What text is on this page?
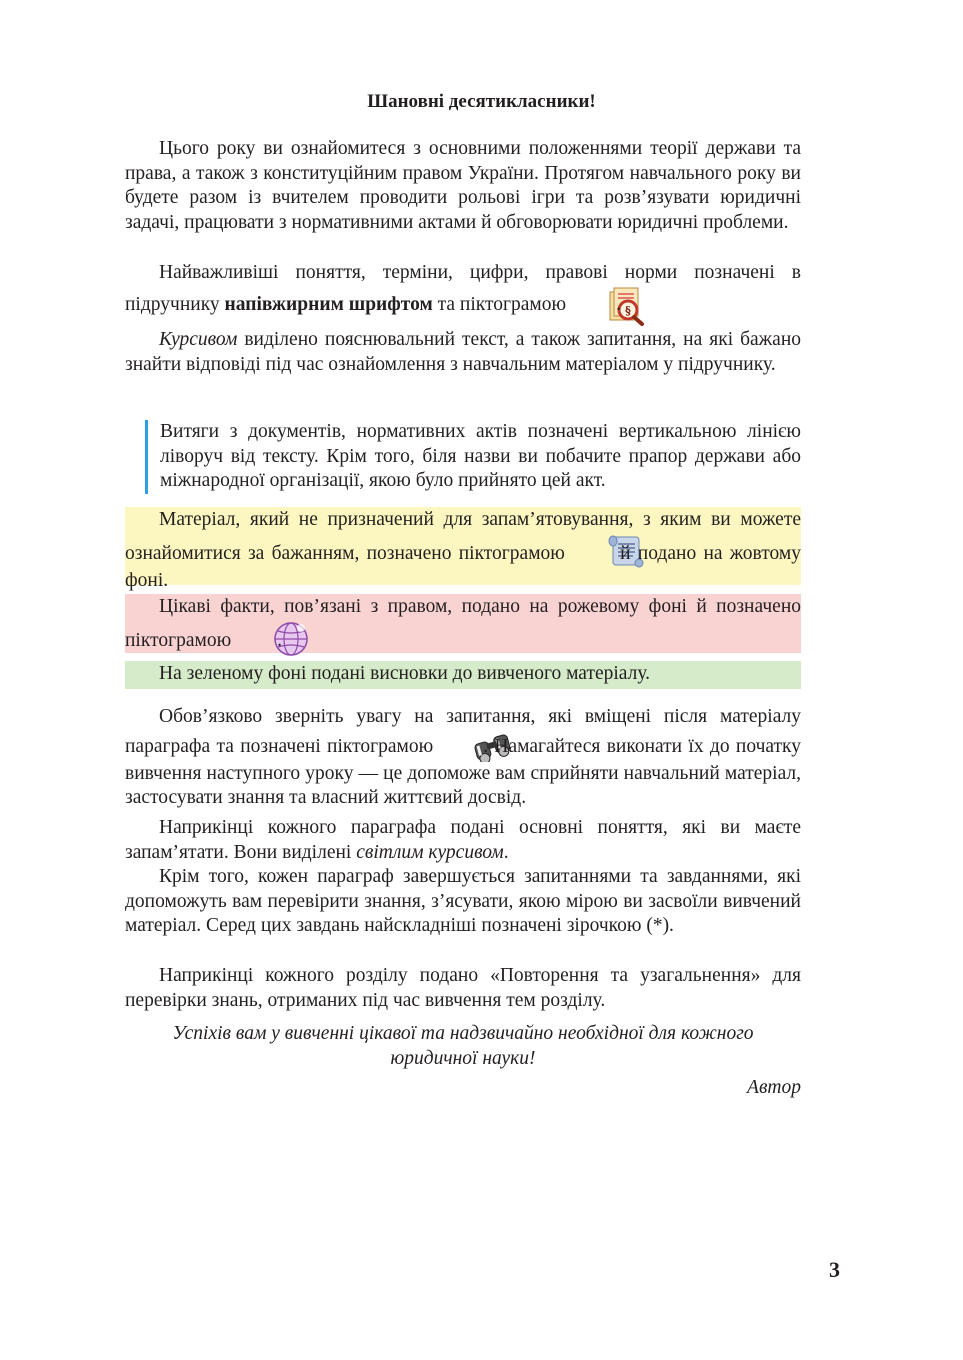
Шановні десятикласники!

Цього року ви ознайомитеся з основними положеннями теорії держави та права, а також з конституційним правом України. Протягом навчального року ви будете разом із вчителем проводити рольові ігри та розв’язувати юридичні задачі, працювати з нормативними актами й обговорювати юридичні проблеми.

Найважливіші поняття, терміни, цифри, правові норми позначені в підручнику напівжирним шрифтом та піктограмою	§
.

Курсивом виділено пояснювальний текст, а також запитання, на які бажано знайти відповіді під час ознайомлення з навчальним матеріалом у підручнику.

Витяги з документів, нормативних актів позначені вертикальною лінією ліворуч від тексту. Крім того, біля назви ви побачите прапор держави або міжнародної організації, якою було прийнято цей акт.

Матеріал, який не призначений для запам’ятовування, з яким ви можете ознайомитися за бажанням, позначено піктограмою й подано на жовтому фоні.

Цікаві факти, пов’язані з правом, подано на рожевому фоні й позначено піктограмою .

На зеленому фоні подані висновки до вивченого матеріалу.

Обов’язково зверніть увагу на запитання, які вміщені після матеріалу параграфа та позначені піктограмою	. Намагайтеся виконати їх до початку вивчення наступного уроку — це допоможе вам сприйняти навчальний матеріал, застосувати знання та власний життєвий досвід.

Наприкінці кожного параграфа подані основні поняття, які ви маєте запам’ятати. Вони виділені світлим курсивом.

Крім того, кожен параграф завершується запитаннями та завданнями, які допоможуть вам перевірити знання, з’ясувати, якою мірою ви засвоїли вивчений матеріал. Серед цих завдань найскладніші позначені зірочкою (*).

Наприкінці кожного розділу подано «Повторення та узагальнення» для перевірки знань, отриманих під час вивчення тем розділу.

Успіхів вам у вивченні цікавої та надзвичайно необхідної для кожного
юридичної науки!
Автор
3
